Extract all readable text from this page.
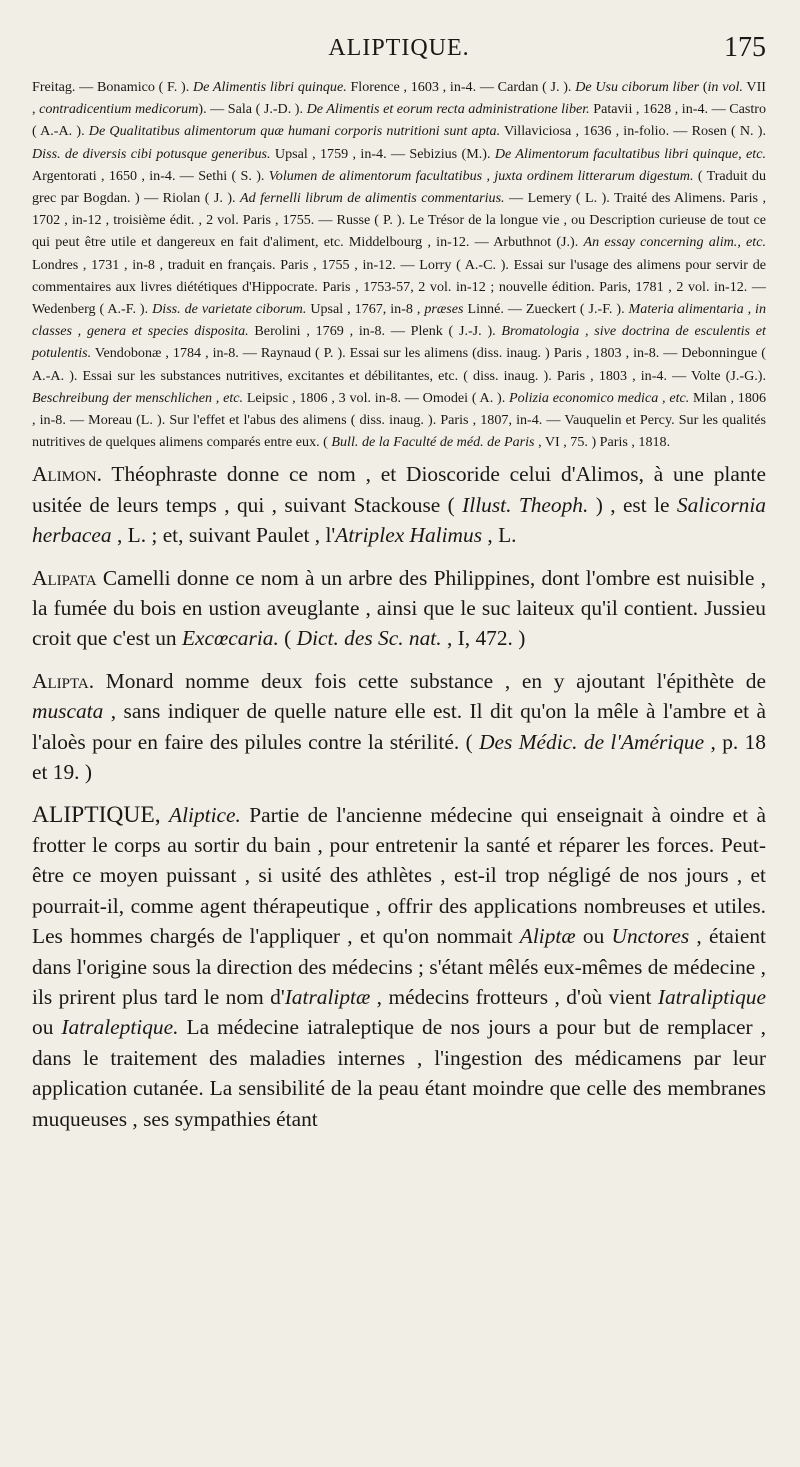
ALIPTIQUE.	175

Freitag. — Bonamico ( F. ). De Alimentis libri quinque. Florence , 1603 , in-4. — Cardan ( J. ). De Usu ciborum liber (in vol. VII , contradicentium medicorum). — Sala ( J.-D. ). De Alimentis et eorum recta administratione liber. Patavii , 1628 , in-4. — Castro ( A.-A. ). De Qualitatibus alimentorum quæ humani corporis nutritioni sunt apta. Villaviciosa , 1636 , in-folio. — Rosen ( N. ). Diss. de diversis cibi potusque generibus. Upsal , 1759 , in-4. — Sebizius (M.). De Alimentorum facultatibus libri quinque, etc. Argentorati , 1650 , in-4. — Sethi ( S. ). Volumen de alimentorum facultatibus , juxta ordinem litterarum digestum. ( Traduit du grec par Bogdan. ) — Riolan ( J. ). Ad fernelli librum de alimentis commentarius. — Lemery ( L. ). Traité des Alimens. Paris , 1702 , in-12 , troisième édit. , 2 vol. Paris , 1755. — Russe ( P. ). Le Trésor de la longue vie , ou Description curieuse de tout ce qui peut être utile et dangereux en fait d'aliment, etc. Middelbourg , in-12. — Arbuthnot (J.). An essay concerning alim., etc. Londres , 1731 , in-8 , traduit en français. Paris , 1755 , in-12. — Lorry ( A.-C. ). Essai sur l'usage des alimens pour servir de commentaires aux livres diététiques d'Hippocrate. Paris , 1753-57, 2 vol. in-12 ; nouvelle édition. Paris, 1781 , 2 vol. in-12. — Wedenberg ( A.-F. ). Diss. de varietate ciborum. Upsal , 1767, in-8 , præses Linné. — Zueckert ( J.-F. ). Materia alimentaria , in classes , genera et species disposita. Berolini , 1769 , in-8. — Plenk ( J.-J. ). Bromatologia , sive doctrina de esculentis et potulentis. Vendobonæ , 1784 , in-8. — Raynaud ( P. ). Essai sur les alimens (diss. inaug. ) Paris , 1803 , in-8. — Debonningue ( A.-A. ). Essai sur les substances nutritives, excitantes et débilitantes, etc. ( diss. inaug. ). Paris , 1803 , in-4. — Volte (J.-G.). Beschreibung der menschlichen , etc. Leipsic , 1806 , 3 vol. in-8. — Omodei ( A. ). Polizia economico medica , etc. Milan , 1806 , in-8. — Moreau (L. ). Sur l'effet et l'abus des alimens ( diss. inaug. ). Paris , 1807, in-4. — Vauquelin et Percy. Sur les qualités nutritives de quelques alimens comparés entre eux. ( Bull. de la Faculté de méd. de Paris , VI , 75. ) Paris , 1818.

Alimon. Théophraste donne ce nom , et Dioscoride celui d'Alimos, à une plante usitée de leurs temps , qui , suivant Stackouse ( Illust. Theoph. ) , est le Salicornia herbacea , L. ; et, suivant Paulet , l'Atriplex Halimus , L.

Alipata Camelli donne ce nom à un arbre des Philippines, dont l'ombre est nuisible , la fumée du bois en ustion aveuglante , ainsi que le suc laiteux qu'il contient. Jussieu croit que c'est un Excœcaria. ( Dict. des Sc. nat. , I, 472. )

Alipta. Monard nomme deux fois cette substance , en y ajoutant l'épithète de muscata , sans indiquer de quelle nature elle est. Il dit qu'on la mêle à l'ambre et à l'aloès pour en faire des pilules contre la stérilité. ( Des Médic. de l'Amérique , p. 18 et 19. )

ALIPTIQUE, Aliptice. Partie de l'ancienne médecine qui enseignait à oindre et à frotter le corps au sortir du bain , pour entretenir la santé et réparer les forces. Peut-être ce moyen puissant , si usité des athlètes , est-il trop négligé de nos jours , et pourrait-il, comme agent thérapeutique , offrir des applications nombreuses et utiles. Les hommes chargés de l'appliquer , et qu'on nommait Aliptæ ou Unctores , étaient dans l'origine sous la direction des médecins ; s'étant mêlés eux-mêmes de médecine , ils prirent plus tard le nom d'Iatraliptæ , médecins frotteurs , d'où vient Iatraliptique ou Iatraleptique. La médecine iatraleptique de nos jours a pour but de remplacer , dans le traitement des maladies internes , l'ingestion des médicamens par leur application cutanée. La sensibilité de la peau étant moindre que celle des membranes muqueuses , ses sympathies étant
